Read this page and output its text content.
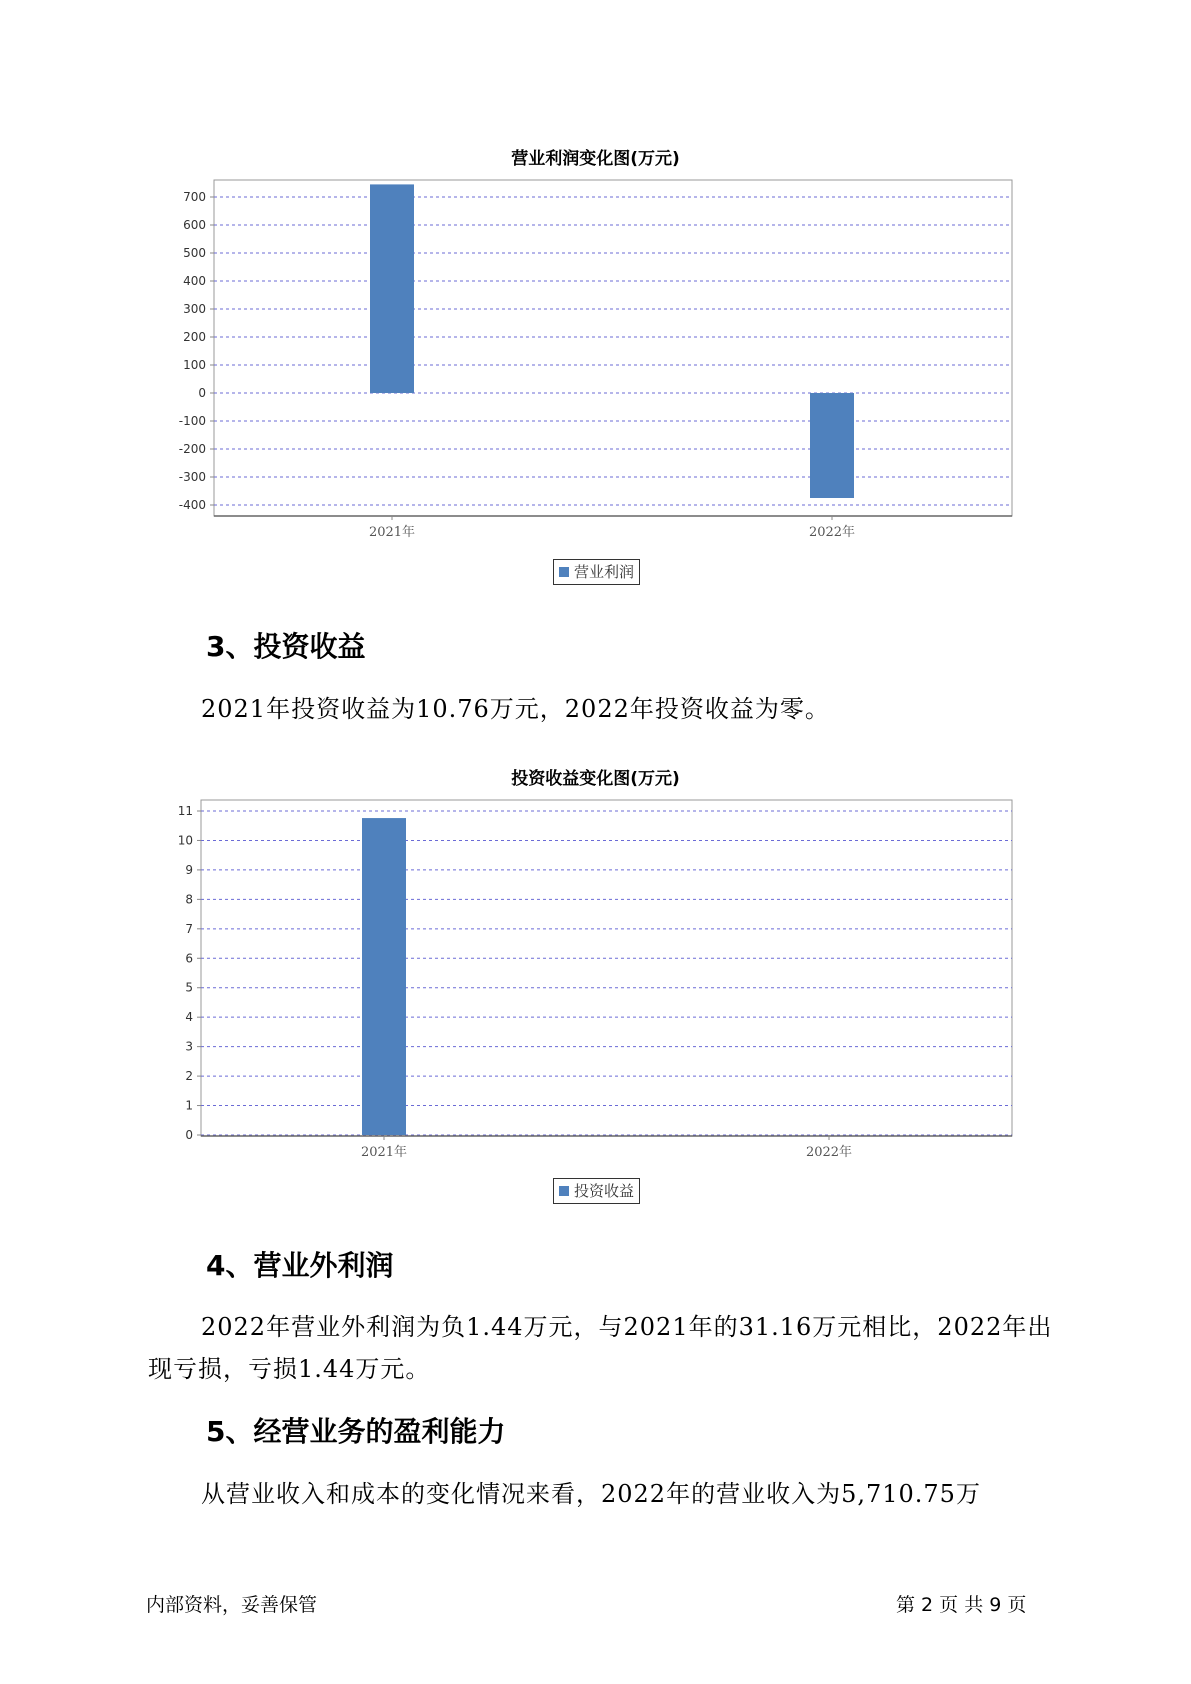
营业利润变化图(万元)
700
600
500
400
300
200
100
0
-100
-200
-300
-400
2021年	2022年
营业利润
3、投资收益
2021年投资收益为10.76万元，2022年投资收益为零。
投资收益变化图(万元)
11
10
9
8
7
6
5
4
3
2
1
0
2021年	2022年
投资收益
4、营业外利润
2022年营业外利润为负1.44万元，与2021年的31.16万元相比，2022年出现亏损，亏损1.44万元。
5、经营业务的盈利能力
从营业收入和成本的变化情况来看，2022年的营业收入为5,710.75万
内部资料，妥善保管	第 2 页 共 9 页
